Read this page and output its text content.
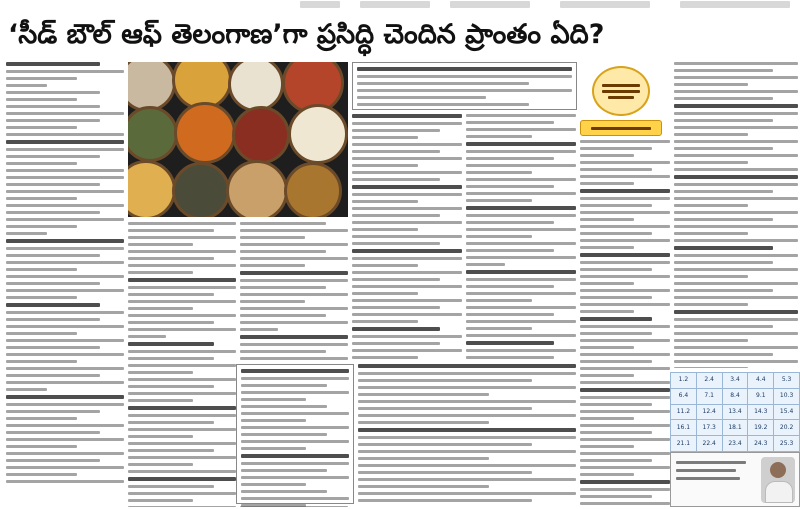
‘సీడ్ బౌల్ ఆఫ్ తెలంగాణ’గా ప్రసిద్ధి చెందిన ప్రాంతం ఏది?
1.2	2.4	3.4	4.4	5.3
6.4	7.1	8.4	9.1	10.3
11.2	12.4	13.4	14.3	15.4
16.1	17.3	18.1	19.2	20.2
21.1	22.4	23.4	24.3	25.3
